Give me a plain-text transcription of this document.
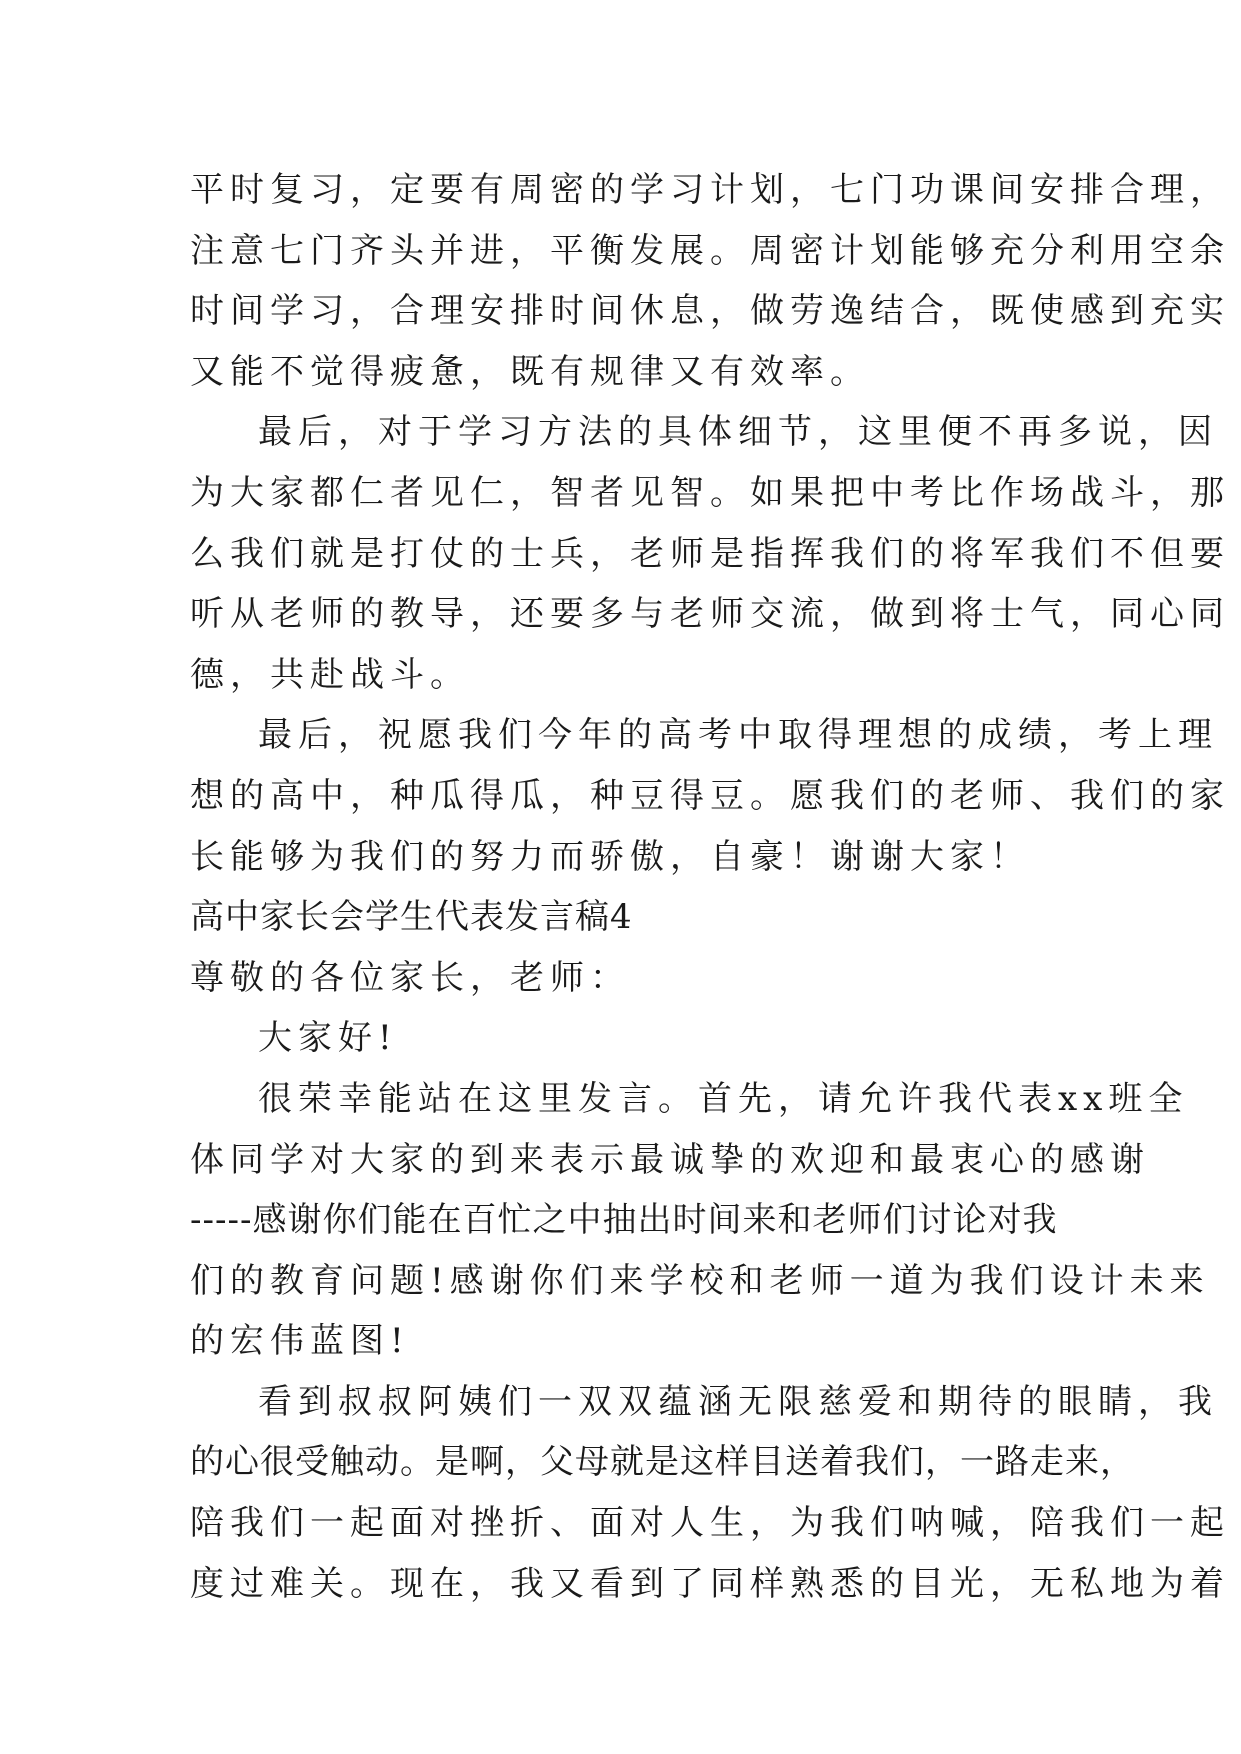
平时复习，定要有周密的学习计划，七门功课间安排合理，
注意七门齐头并进，平衡发展。周密计划能够充分利用空余
时间学习，合理安排时间休息，做劳逸结合，既使感到充实
又能不觉得疲惫，既有规律又有效率。
最后，对于学习方法的具体细节，这里便不再多说，因
为大家都仁者见仁，智者见智。如果把中考比作场战斗，那
么我们就是打仗的士兵，老师是指挥我们的将军我们不但要
听从老师的教导，还要多与老师交流，做到将士气，同心同
德，共赴战斗。
最后，祝愿我们今年的高考中取得理想的成绩，考上理
想的高中，种瓜得瓜，种豆得豆。愿我们的老师、我们的家
长能够为我们的努力而骄傲，自豪！谢谢大家！
高中家长会学生代表发言稿4
尊敬的各位家长，老师：
大家好!
很荣幸能站在这里发言。首先，请允许我代表xx班全
体同学对大家的到来表示最诚挚的欢迎和最衷心的感谢
-----感谢你们能在百忙之中抽出时间来和老师们讨论对我
们的教育问题!感谢你们来学校和老师一道为我们设计未来
的宏伟蓝图!
看到叔叔阿姨们一双双蕴涵无限慈爱和期待的眼睛，我
的心很受触动。是啊，父母就是这样目送着我们，一路走来，
陪我们一起面对挫折、面对人生，为我们呐喊，陪我们一起
度过难关。现在，我又看到了同样熟悉的目光，无私地为着
